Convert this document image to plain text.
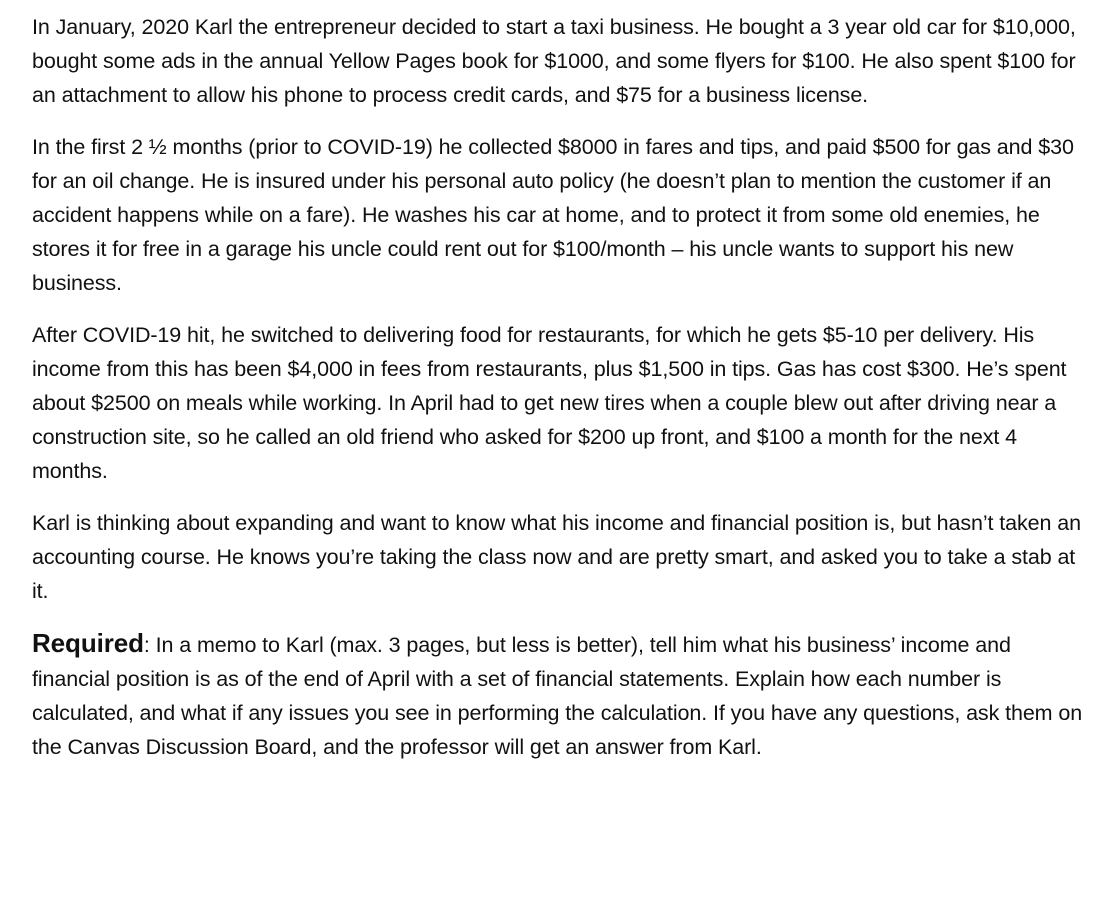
In January, 2020 Karl the entrepreneur decided to start a taxi business. He bought a 3 year old car for $10,000, bought some ads in the annual Yellow Pages book for $1000, and some flyers for $100. He also spent $100 for an attachment to allow his phone to process credit cards, and $75 for a business license.

In the first 2 ½ months (prior to COVID-19) he collected $8000 in fares and tips, and paid $500 for gas and $30 for an oil change. He is insured under his personal auto policy (he doesn’t plan to mention the customer if an accident happens while on a fare). He washes his car at home, and to protect it from some old enemies, he stores it for free in a garage his uncle could rent out for $100/month – his uncle wants to support his new business.

After COVID-19 hit, he switched to delivering food for restaurants, for which he gets $5-10 per delivery. His income from this has been $4,000 in fees from restaurants, plus $1,500 in tips. Gas has cost $300. He’s spent about $2500 on meals while working. In April had to get new tires when a couple blew out after driving near a construction site, so he called an old friend who asked for $200 up front, and $100 a month for the next 4 months.

Karl is thinking about expanding and want to know what his income and financial position is, but hasn’t taken an accounting course. He knows you’re taking the class now and are pretty smart, and asked you to take a stab at it.

Required: In a memo to Karl (max. 3 pages, but less is better), tell him what his business’ income and financial position is as of the end of April with a set of financial statements. Explain how each number is calculated, and what if any issues you see in performing the calculation. If you have any questions, ask them on the Canvas Discussion Board, and the professor will get an answer from Karl.
